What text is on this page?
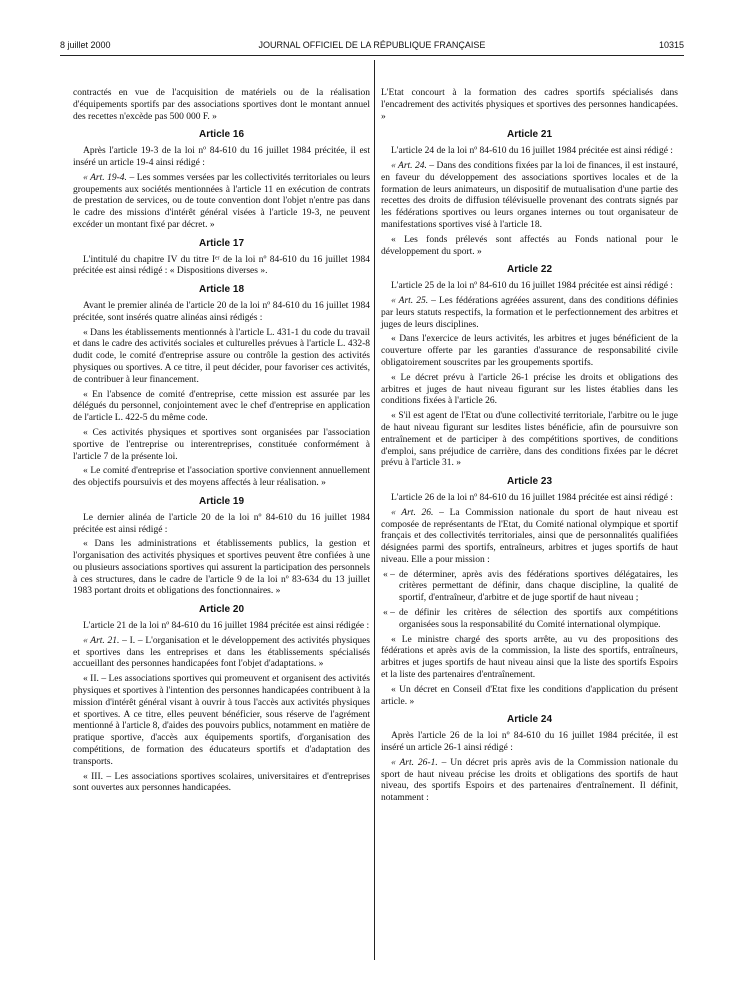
8 juillet 2000	JOURNAL OFFICIEL DE LA RÉPUBLIQUE FRANÇAISE	10315

contractés en vue de l'acquisition de matériels ou de la réalisation d'équipements sportifs par des associations sportives dont le montant annuel des recettes n'excède pas 500 000 F. »

Article 16

Après l'article 19-3 de la loi nº 84-610 du 16 juillet 1984 précitée, il est inséré un article 19-4 ainsi rédigé :

« Art. 19-4. – Les sommes versées par les collectivités territoriales ou leurs groupements aux sociétés mentionnées à l'article 11 en exécution de contrats de prestation de services, ou de toute convention dont l'objet n'entre pas dans le cadre des missions d'intérêt général visées à l'article 19-3, ne peuvent excéder un montant fixé par décret. »

Article 17

L'intitulé du chapitre IV du titre Iᵉʳ de la loi nº 84-610 du 16 juillet 1984 précitée est ainsi rédigé : « Dispositions diverses ».

Article 18

Avant le premier alinéa de l'article 20 de la loi nº 84-610 du 16 juillet 1984 précitée, sont insérés quatre alinéas ainsi rédigés :

« Dans les établissements mentionnés à l'article L. 431-1 du code du travail et dans le cadre des activités sociales et culturelles prévues à l'article L. 432-8 dudit code, le comité d'entreprise assure ou contrôle la gestion des activités physiques ou sportives. A ce titre, il peut décider, pour favoriser ces activités, de contribuer à leur financement.

« En l'absence de comité d'entreprise, cette mission est assurée par les délégués du personnel, conjointement avec le chef d'entreprise en application de l'article L. 422-5 du même code.

« Ces activités physiques et sportives sont organisées par l'association sportive de l'entreprise ou interentreprises, constituée conformément à l'article 7 de la présente loi.

« Le comité d'entreprise et l'association sportive conviennent annuellement des objectifs poursuivis et des moyens affectés à leur réalisation. »

Article 19

Le dernier alinéa de l'article 20 de la loi nº 84-610 du 16 juillet 1984 précitée est ainsi rédigé :

« Dans les administrations et établissements publics, la gestion et l'organisation des activités physiques et sportives peuvent être confiées à une ou plusieurs associations sportives qui assurent la participation des personnels à ces structures, dans le cadre de l'article 9 de la loi nº 83-634 du 13 juillet 1983 portant droits et obligations des fonctionnaires. »

Article 20

L'article 21 de la loi nº 84-610 du 16 juillet 1984 précitée est ainsi rédigée :

« Art. 21. – I. – L'organisation et le développement des activités physiques et sportives dans les entreprises et dans les établissements spécialisés accueillant des personnes handicapées font l'objet d'adaptations. »

« II. – Les associations sportives qui promeuvent et organisent des activités physiques et sportives à l'intention des personnes handicapées contribuent à la mission d'intérêt général visant à ouvrir à tous l'accès aux activités physiques et sportives. A ce titre, elles peuvent bénéficier, sous réserve de l'agrément mentionné à l'article 8, d'aides des pouvoirs publics, notamment en matière de pratique sportive, d'accès aux équipements sportifs, d'organisation des compétitions, de formation des éducateurs sportifs et d'adaptation des transports.

« III. – Les associations sportives scolaires, universitaires et d'entreprises sont ouvertes aux personnes handicapées.

L'Etat concourt à la formation des cadres sportifs spécialisés dans l'encadrement des activités physiques et sportives des personnes handicapées. »

Article 21

L'article 24 de la loi nº 84-610 du 16 juillet 1984 précitée est ainsi rédigé :

« Art. 24. – Dans des conditions fixées par la loi de finances, il est instauré, en faveur du développement des associations sportives locales et de la formation de leurs animateurs, un dispositif de mutualisation d'une partie des recettes des droits de diffusion télévisuelle provenant des contrats signés par les fédérations sportives ou leurs organes internes ou tout organisateur de manifestations sportives visé à l'article 18.

« Les fonds prélevés sont affectés au Fonds national pour le développement du sport. »

Article 22

L'article 25 de la loi nº 84-610 du 16 juillet 1984 précitée est ainsi rédigé :

« Art. 25. – Les fédérations agréées assurent, dans des conditions définies par leurs statuts respectifs, la formation et le perfectionnement des arbitres et juges de leurs disciplines.

« Dans l'exercice de leurs activités, les arbitres et juges bénéficient de la couverture offerte par les garanties d'assurance de responsabilité civile obligatoirement souscrites par les groupements sportifs.

« Le décret prévu à l'article 26-1 précise les droits et obligations des arbitres et juges de haut niveau figurant sur les listes établies dans les conditions fixées à l'article 26.

« S'il est agent de l'Etat ou d'une collectivité territoriale, l'arbitre ou le juge de haut niveau figurant sur lesdites listes bénéficie, afin de poursuivre son entraînement et de participer à des compétitions sportives, de conditions d'emploi, sans préjudice de carrière, dans des conditions fixées par le décret prévu à l'article 31. »

Article 23

L'article 26 de la loi nº 84-610 du 16 juillet 1984 précitée est ainsi rédigé :

« Art. 26. – La Commission nationale du sport de haut niveau est composée de représentants de l'Etat, du Comité national olympique et sportif français et des collectivités territoriales, ainsi que de personnalités qualifiées désignées parmi des sportifs, entraîneurs, arbitres et juges sportifs de haut niveau. Elle a pour mission :

« – de déterminer, après avis des fédérations sportives délégataires, les critères permettant de définir, dans chaque discipline, la qualité de sportif, d'entraîneur, d'arbitre et de juge sportif de haut niveau ;

« – de définir les critères de sélection des sportifs aux compétitions organisées sous la responsabilité du Comité international olympique.

« Le ministre chargé des sports arrête, au vu des propositions des fédérations et après avis de la commission, la liste des sportifs, entraîneurs, arbitres et juges sportifs de haut niveau ainsi que la liste des sportifs Espoirs et la liste des partenaires d'entraînement.

« Un décret en Conseil d'Etat fixe les conditions d'application du présent article. »

Article 24

Après l'article 26 de la loi nº 84-610 du 16 juillet 1984 précitée, il est inséré un article 26-1 ainsi rédigé :

« Art. 26-1. – Un décret pris après avis de la Commission nationale du sport de haut niveau précise les droits et obligations des sportifs de haut niveau, des sportifs Espoirs et des partenaires d'entraînement. Il définit, notamment :
